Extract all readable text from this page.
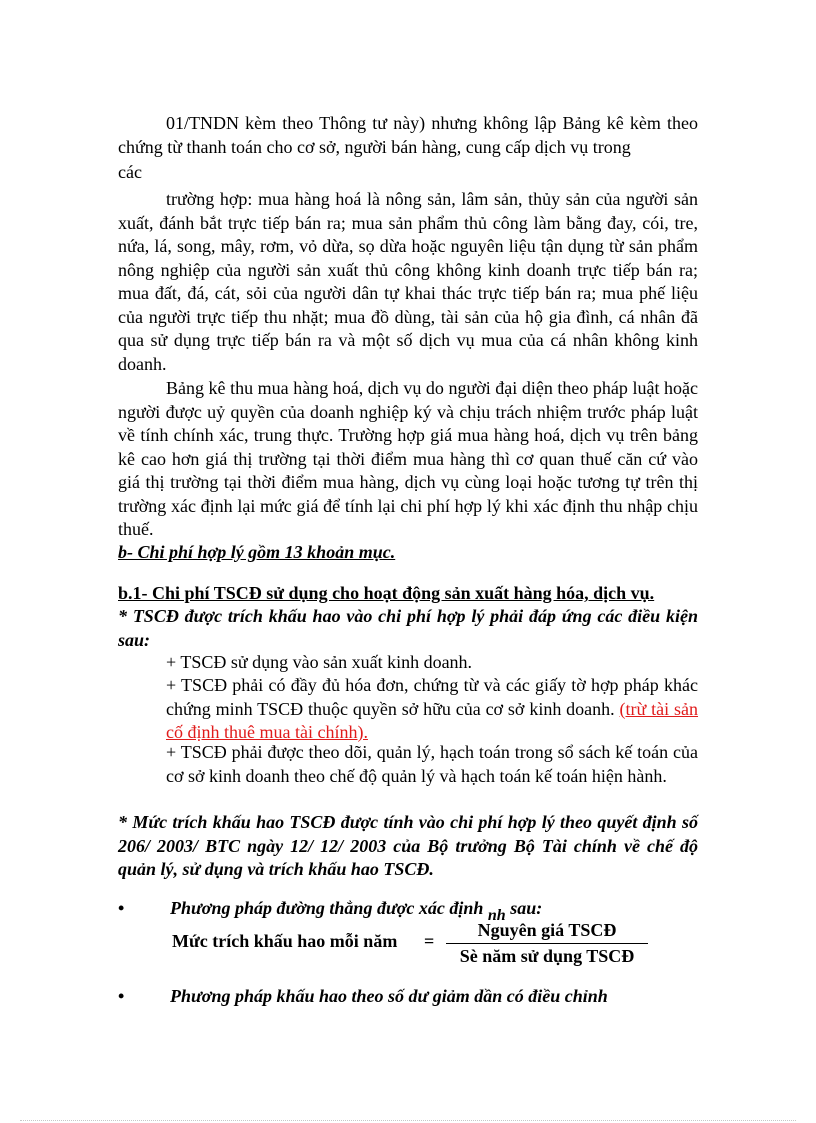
01/TNDN kèm theo Thông tư này) nhưng không lập Bảng kê kèm theo chứng từ thanh toán cho cơ sở, người bán hàng, cung cấp dịch vụ trong

các

trường hợp: mua hàng hoá là nông sản, lâm sản, thủy sản của người sản xuất, đánh bắt trực tiếp bán ra; mua sản phẩm thủ công làm bằng đay, cói, tre, nứa, lá, song, mây, rơm, vỏ dừa, sọ dừa hoặc nguyên liệu tận dụng từ sản phẩm nông nghiệp của người sản xuất thủ công không kinh doanh trực tiếp bán ra; mua đất, đá, cát, sỏi của người dân tự khai thác trực tiếp bán ra; mua phế liệu của người trực tiếp thu nhặt; mua đồ dùng, tài sản của hộ gia đình, cá nhân đã qua sử dụng trực tiếp bán ra và một số dịch vụ mua của cá nhân không kinh doanh.

Bảng kê thu mua hàng hoá, dịch vụ do người đại diện theo pháp luật hoặc người được uỷ quyền của doanh nghiệp ký và chịu trách nhiệm trước pháp luật về tính chính xác, trung thực. Trường hợp giá mua hàng hoá, dịch vụ trên bảng kê cao hơn giá thị trường tại thời điểm mua hàng thì cơ quan thuế căn cứ vào giá thị trường tại thời điểm mua hàng, dịch vụ cùng loại hoặc tương tự trên thị trường xác định lại mức giá để tính lại chi phí hợp lý khi xác định thu nhập chịu thuế.

b- Chi phí hợp lý gồm 13 khoản mục.

b.1- Chi phí TSCĐ sử dụng cho hoạt động sản xuất hàng hóa, dịch vụ.

* TSCĐ được trích khấu hao vào chi phí hợp lý phải đáp ứng các điều kiện sau:

+ TSCĐ sử dụng vào sản xuất kinh doanh.

+ TSCĐ phải có đầy đủ hóa đơn, chứng từ và các giấy tờ hợp pháp khác chứng minh TSCĐ thuộc quyền sở hữu của cơ sở kinh doanh. (trừ tài sản cố định thuê mua tài chính).

+ TSCĐ phải được theo dõi, quản lý, hạch toán trong sổ sách kế toán của cơ sở kinh doanh theo chế độ quản lý và hạch toán kế toán hiện hành.

* Mức trích khấu hao TSCĐ được tính vào chi phí hợp lý theo quyết định số 206/ 2003/ BTC ngày 12/ 12/ 2003 của Bộ trưởng Bộ Tài chính về chế độ quản lý, sử dụng và trích khấu hao TSCĐ.

•	Phương pháp đường thẳng được xác định nh sau:
Mức trích khấu hao mỗi năm =
Nguyên giá TSCĐ
Sè năm sử dụng TSCĐ
•	Phương pháp khấu hao theo số dư giảm dần có điều chỉnh
